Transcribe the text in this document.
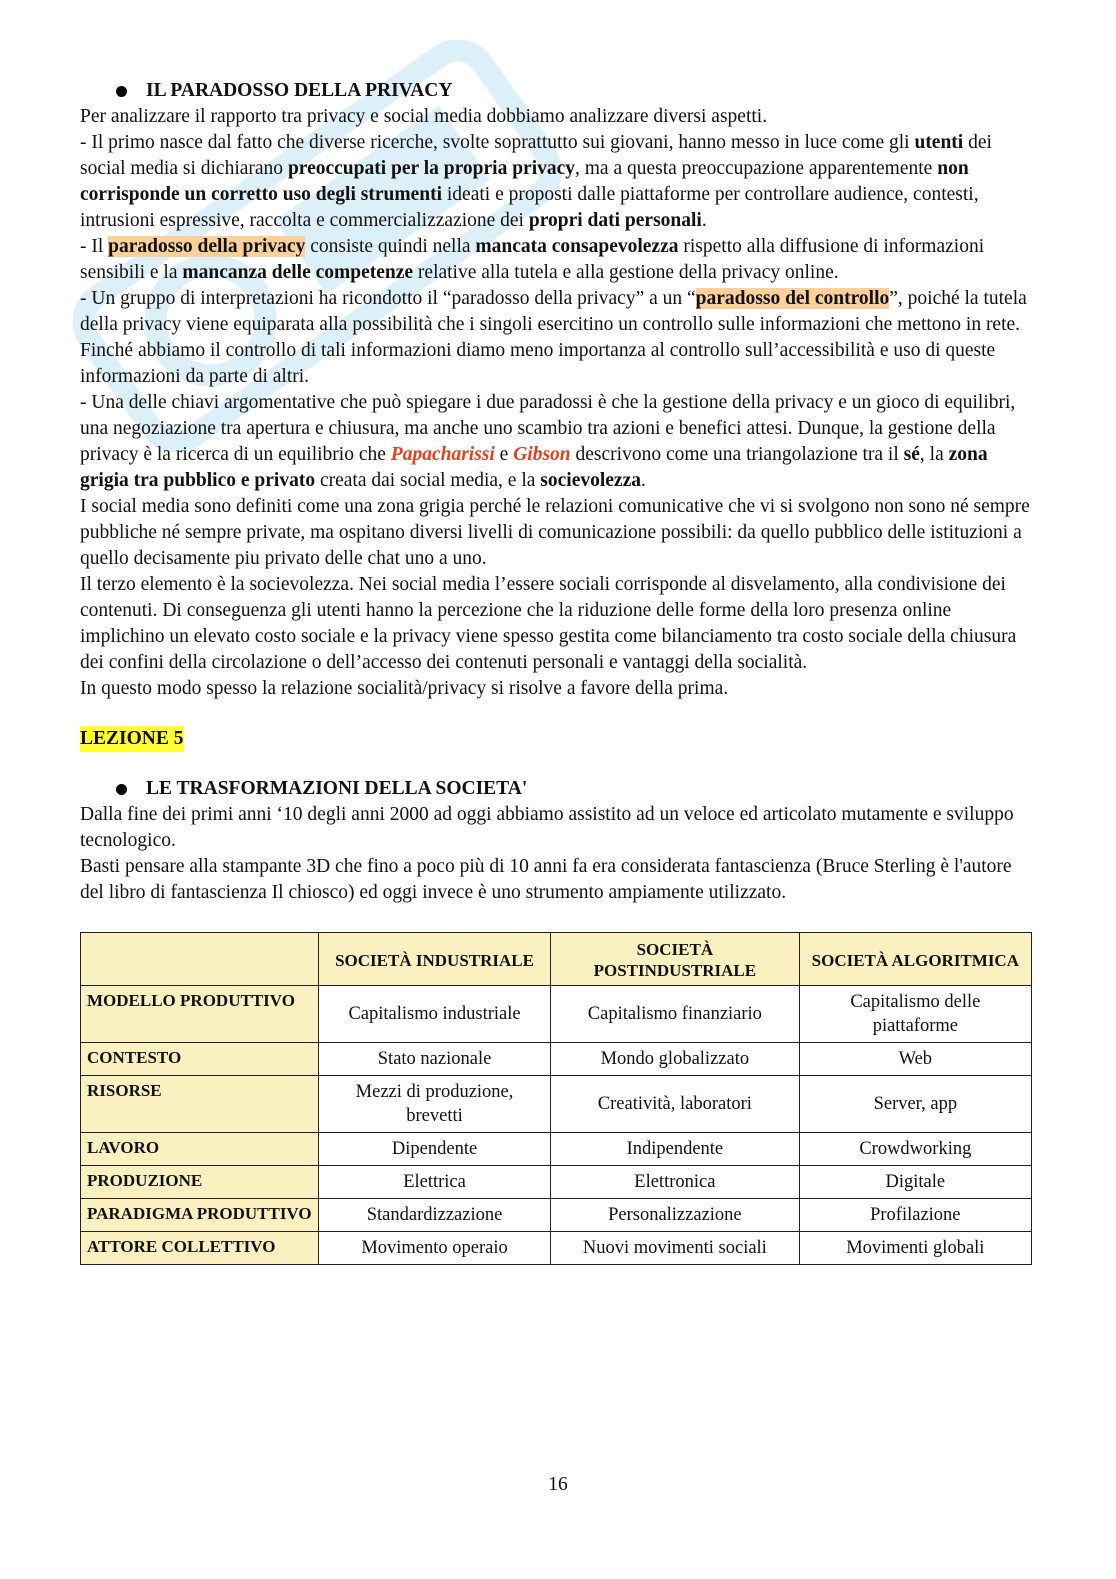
IL PARADOSSO DELLA PRIVACY

Per analizzare il rapporto tra privacy e social media dobbiamo analizzare diversi aspetti.

- Il primo nasce dal fatto che diverse ricerche, svolte soprattutto sui giovani, hanno messo in luce come gli utenti dei social media si dichiarano preoccupati per la propria privacy, ma a questa preoccupazione apparentemente non corrisponde un corretto uso degli strumenti ideati e proposti dalle piattaforme per controllare audience, contesti, intrusioni espressive, raccolta e commercializzazione dei propri dati personali.

- Il paradosso della privacy consiste quindi nella mancata consapevolezza rispetto alla diffusione di informazioni sensibili e la mancanza delle competenze relative alla tutela e alla gestione della privacy online.

- Un gruppo di interpretazioni ha ricondotto il “paradosso della privacy” a un “paradosso del controllo”, poiché la tutela della privacy viene equiparata alla possibilità che i singoli esercitino un controllo sulle informazioni che mettono in rete. Finché abbiamo il controllo di tali informazioni diamo meno importanza al controllo sull’accessibilità e uso di queste informazioni da parte di altri.

- Una delle chiavi argomentative che può spiegare i due paradossi è che la gestione della privacy e un gioco di equilibri, una negoziazione tra apertura e chiusura, ma anche uno scambio tra azioni e benefici attesi. Dunque, la gestione della privacy è la ricerca di un equilibrio che Papacharissi e Gibson descrivono come una triangolazione tra il sé, la zona grigia tra pubblico e privato creata dai social media, e la socievolezza.

I social media sono definiti come una zona grigia perché le relazioni comunicative che vi si svolgono non sono né sempre pubbliche né sempre private, ma ospitano diversi livelli di comunicazione possibili: da quello pubblico delle istituzioni a quello decisamente piu privato delle chat uno a uno.

Il terzo elemento è la socievolezza. Nei social media l’essere sociali corrisponde al disvelamento, alla condivisione dei contenuti. Di conseguenza gli utenti hanno la percezione che la riduzione delle forme della loro presenza online implichino un elevato costo sociale e la privacy viene spesso gestita come bilanciamento tra costo sociale della chiusura dei confini della circolazione o dell’accesso dei contenuti personali e vantaggi della socialità.

In questo modo spesso la relazione socialità/privacy si risolve a favore della prima.

LEZIONE 5
LE TRASFORMAZIONI DELLA SOCIETA'

Dalla fine dei primi anni ‘10 degli anni 2000 ad oggi abbiamo assistito ad un veloce ed articolato mutamente e sviluppo tecnologico.

Basti pensare alla stampante 3D che fino a poco più di 10 anni fa era considerata fantascienza (Bruce Sterling è l'autore del libro di fantascienza Il chiosco) ed oggi invece è uno strumento ampiamente utilizzato.

	SOCIETÀ INDUSTRIALE	SOCIETÀ POSTINDUSTRIALE	SOCIETÀ ALGORITMICA
MODELLO PRODUTTIVO	Capitalismo industriale	Capitalismo finanziario	Capitalismo delle piattaforme
CONTESTO	Stato nazionale	Mondo globalizzato	Web
RISORSE	Mezzi di produzione, brevetti	Creatività, laboratori	Server, app
LAVORO	Dipendente	Indipendente	Crowdworking
PRODUZIONE	Elettrica	Elettronica	Digitale
PARADIGMA PRODUTTIVO	Standardizzazione	Personalizzazione	Profilazione
ATTORE COLLETTIVO	Movimento operaio	Nuovi movimenti sociali	Movimenti globali
16
